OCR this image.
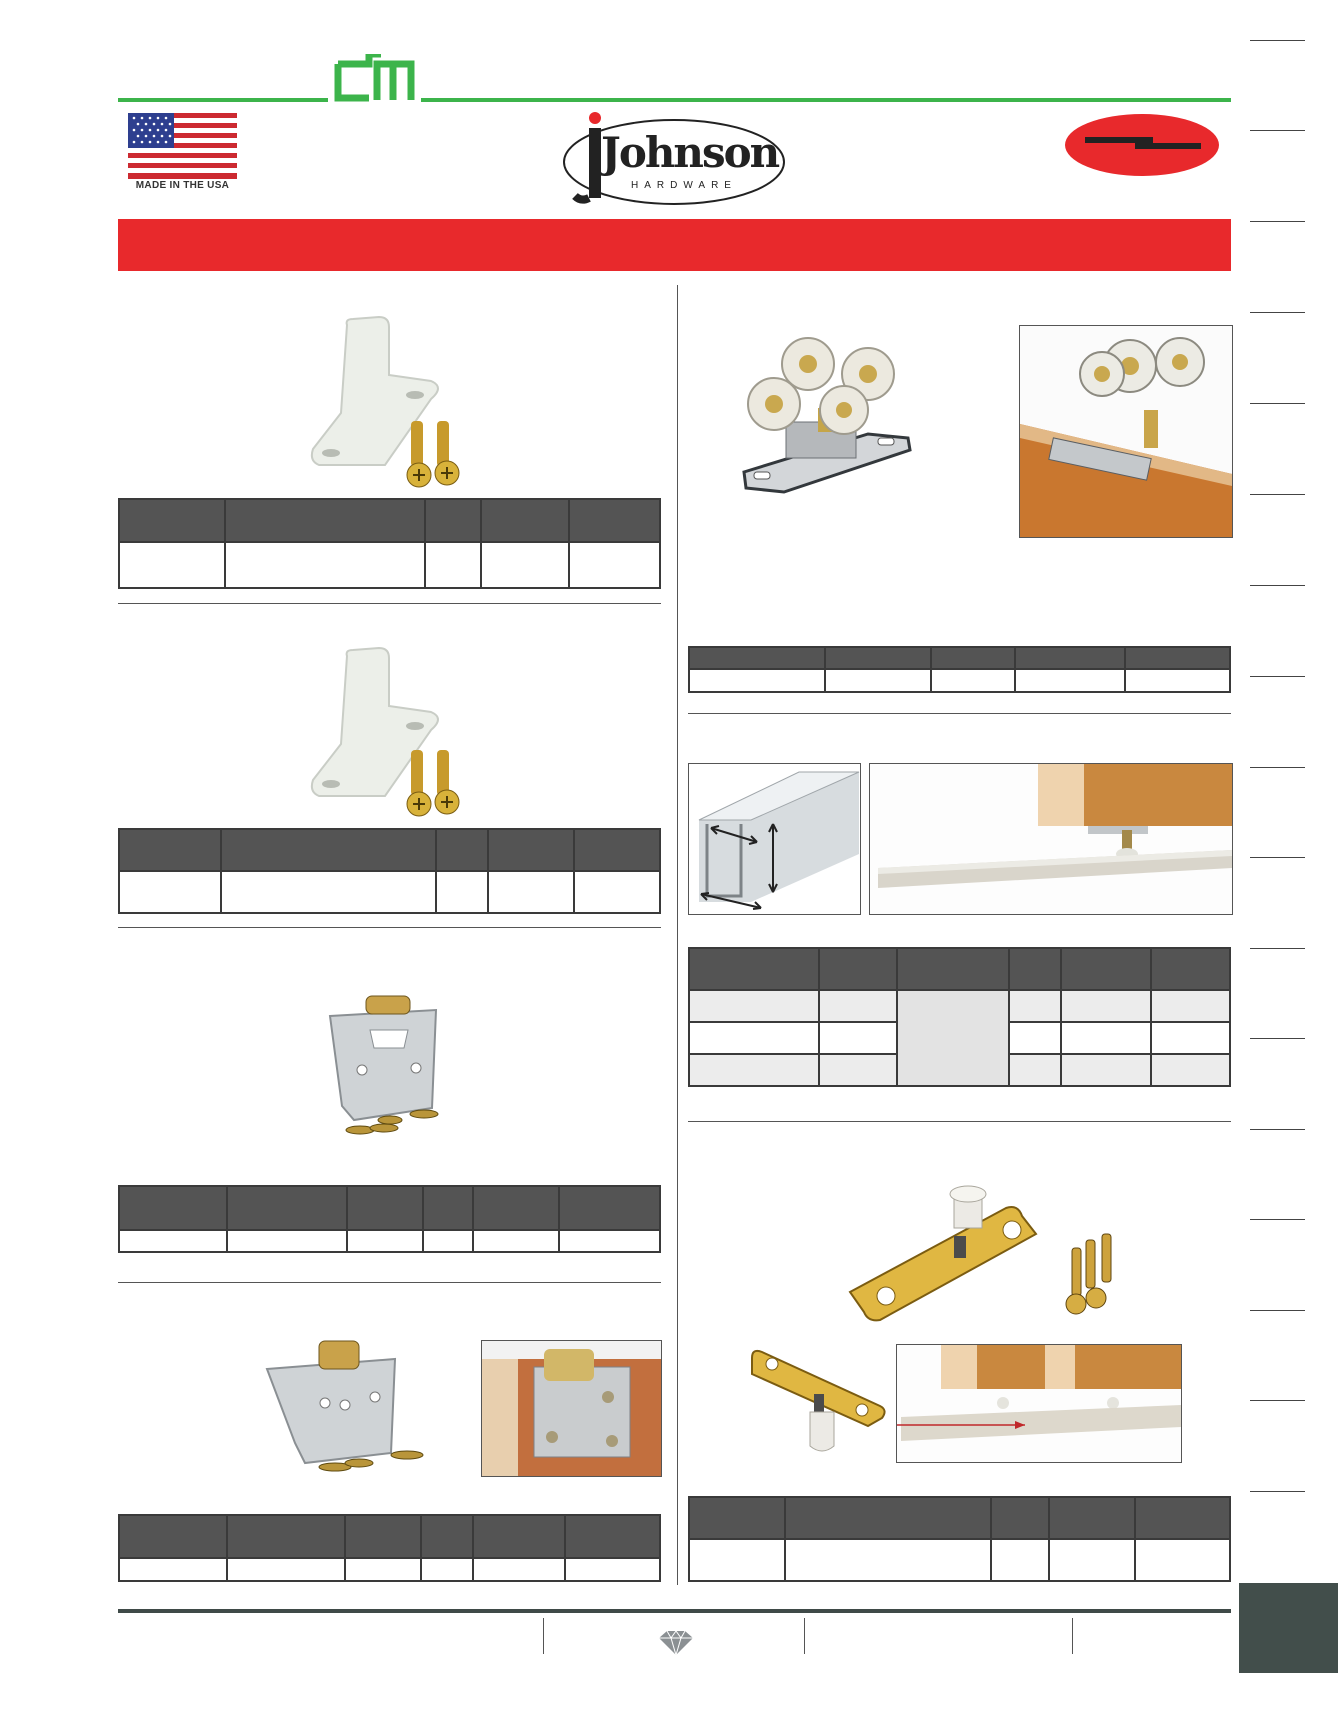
MADE IN THE USA
Johnson
HARDWARE
